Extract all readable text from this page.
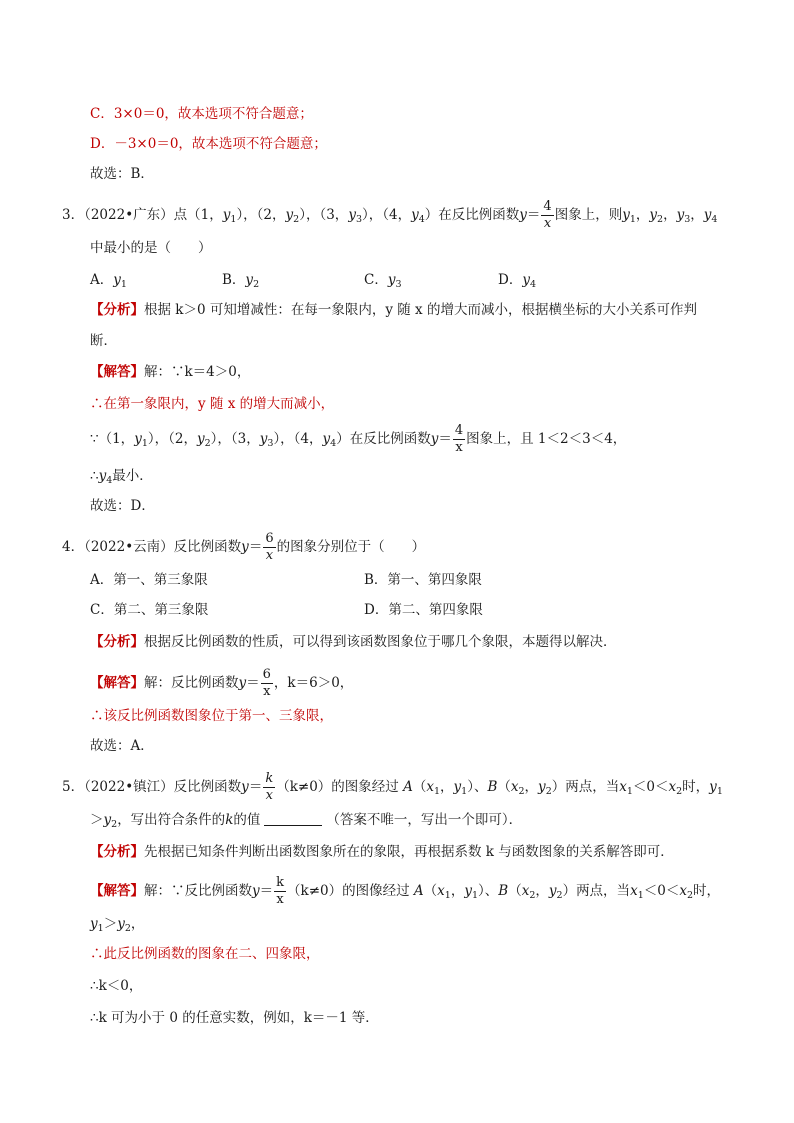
C．3×0＝0，故本选项不符合题意；
D．－3×0＝0，故本选项不符合题意；
故选：B．
3．（2022•广东）点（1，$y_1$），（2，$y_2$），（3，$y_3$），（4，$y_4$）在反比例函数$y= \frac{4}{x}$ 图象上，则$y_1$，$y_2$，$y_3$，$y_4$
中最小的是（　　）
A．$y_1$	B．$y_2$	C．$y_3$	D．$y_4$
【分析】根据 k＞0 可知增减性：在每一象限内，y 随 x 的增大而减小，根据横坐标的大小关系可作判
断．
【解答】解：∵k＝4＞0，
∴在第一象限内，y 随 x 的增大而减小，
∵（1，$y_1$），（2，$y_2$），（3，$y_3$），（4，$y_4$）在反比例函数$y= \frac{4}{x}$ 图象上，且 1＜2＜3＜4，
$\therefore y_4$最小．
故选：D．
4．（2022•云南）反比例函数$y= \frac{6}{x}$ 的图象分别位于（　　）
A．第一、第三象限	B．第一、第四象限
C．第二、第三象限	D．第二、第四象限
【分析】根据反比例函数的性质，可以得到该函数图象位于哪几个象限，本题得以解决．
【解答】解：反比例函数$y= \frac{6}{x}$ ，k＝6＞0，
∴该反比例函数图象位于第一、三象限，
故选：A．
5．（2022•镇江）反比例函数$y= \frac{k}{x} (k\ne 0)$的图象经过 $A(x_1$，$y_1$）、$B(x_2$，$y_2$）两点，当$x_1<0<x_2$时，$y_1$
$>y_2$，写出符合条件的k的值	（答案不唯一，写出一个即可）．
【分析】先根据已知条件判断出函数图象所在的象限，再根据系数 k 与函数图象的关系解答即可．
【解答】解：∵反比例函数$y= \frac{k}{x} (k\ne 0)$的图像经过 $A(x_1$，$y_1$）、$B(x_2$，$y_2$）两点，当$x_1<0<x_2$时，
$y_1>y_2$，
∴此反比例函数的图象在二、四象限，
∴k＜0，
∴k 可为小于 0 的任意实数，例如，k＝－1 等．
